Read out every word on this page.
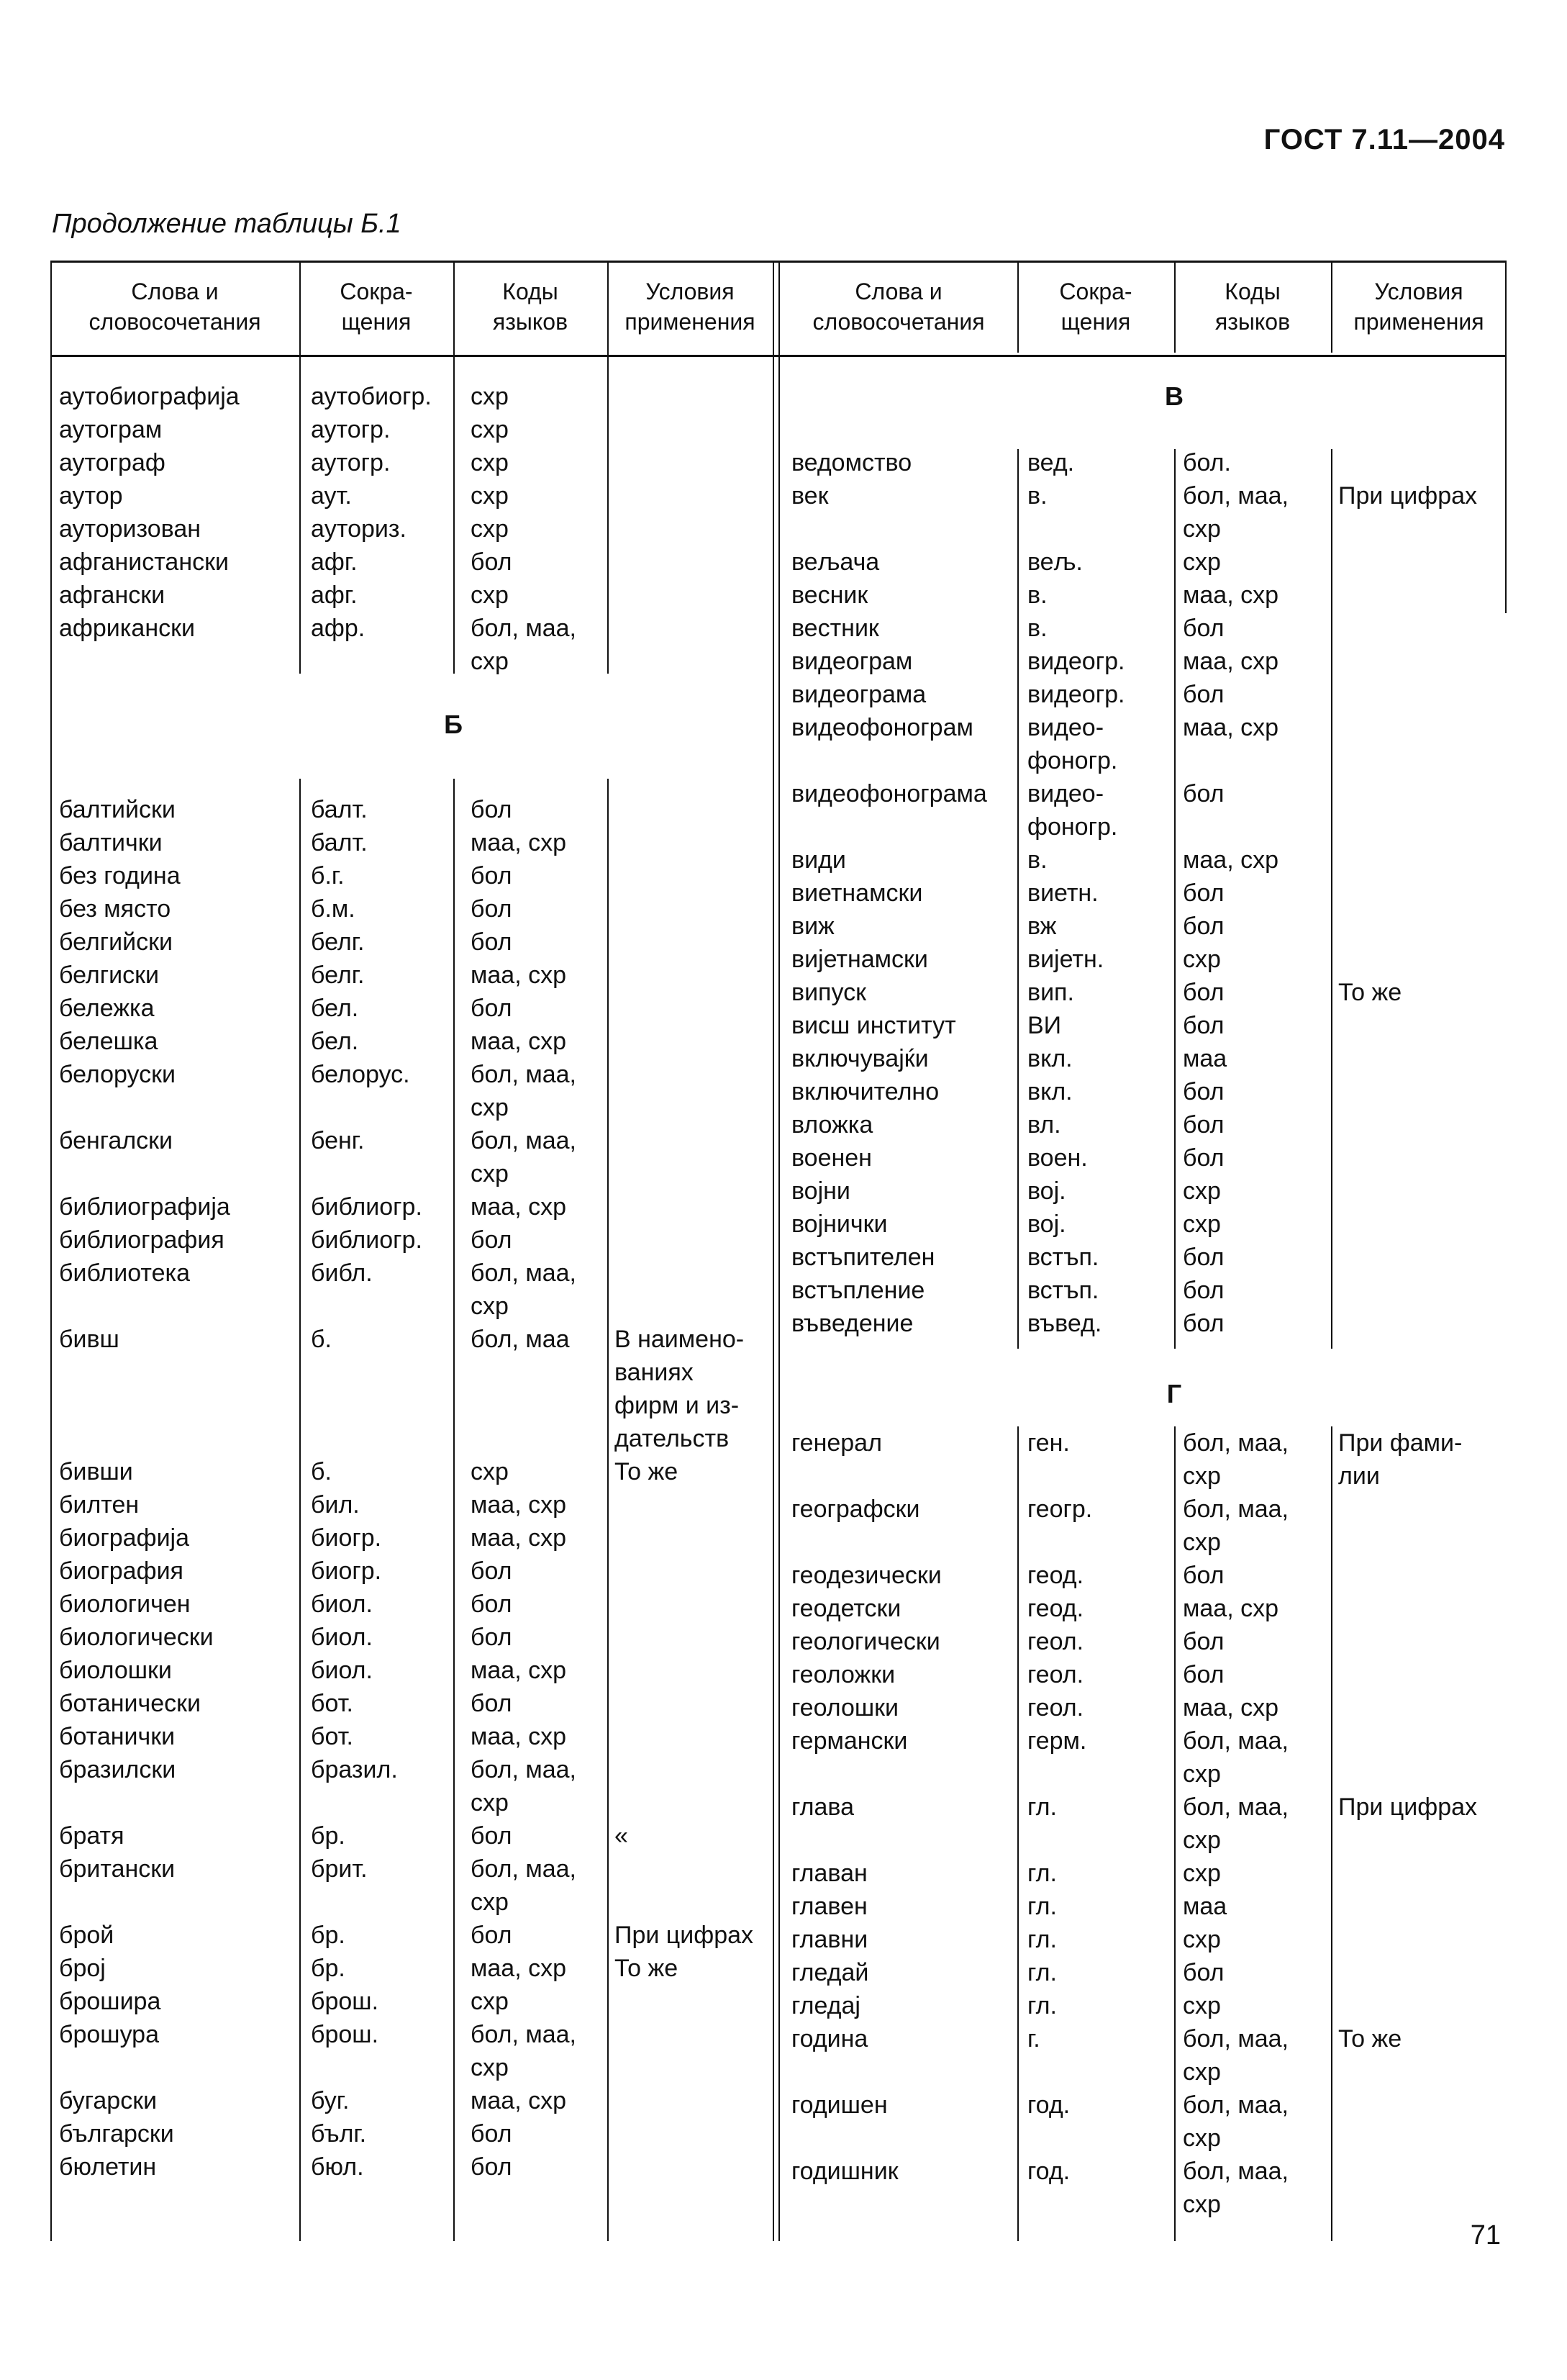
ГОСТ 7.11—2004
Продолжение таблицы Б.1
Слова и
словосочетания
Сокра-
щения
Коды
языков
Условия
применения
Слова и
словосочетания
Сокра-
щения
Коды
языков
Условия
применения
аутобиографија
аутограм
аутограф
аутор
ауторизован
афганистански
афгански
африкански
аутобиогр.
аутогр.
аутогр.
аут.
aуториз.
афг.
афг.
афр.
схр
схр
схр
схр
схр
бол
схр
бол, маа,
схр
Б
балтийски
балтички
без година
без място
белгийски
белгиски
бележка
белешка
белоруски

бенгалски

библиографија
библиография
библиотека

бивш

бивши
билтен
биографија
биография
биологичен
биологически
биолошки
ботанически
ботанички
бразилски

братя
британски

брой
број
брошира
брошура

бугарски
български
бюлетин
балт.
балт.
б.г.
б.м.
белг.
белг.
бел.
бел.
белорус.

бенг.

библиогр.
библиогр.
библ.

б.

б.
бил.
биогр.
биогр.
биол.
биол.
биол.
бот.
бот.
бразил.

бр.
брит.

бр.
бр.
брош.
брош.

буг.
бълг.
бюл.
бол
маа, схр
бол
бол
бол
маа, схр
бол
маа, схр
бол, маа,
схр
бол, маа,
схр
маа, схр
бол
бол, маа,
схр
бол, маа

схр
маа, схр
маа, схр
бол
бол
бол
маа, схр
бол
маа, схр
бол, маа,
схр
бол
бол, маа,
схр
бол
маа, схр
схр
бол, маа,
схр
маа, схр
бол
бол

В наимено-
ваниях
фирм и из-
дательств
То же

«

При цифрах
То же
В
ведомство
век

вељача
весник
вестник
видеограм
видеограма
видеофонограм

видеофонограма

види
виетнамски
виж
вијетнамски
випуск
висш институт
включувајќи
включително
вложка
военен
војни
војнички
встъпителен
встъпление
въведение
вед.
в.

вељ.
в.
в.
видеогр.
видеогр.
видео-
фоногр.
видео-
фоногр.
в.
виетн.
вж
вијетн.
вип.
ВИ
вкл.
вкл.
вл.
воен.
вој.
вој.
встъп.
встъп.
въвед.
бол.
бол, маа,
схр
схр
маа, схр
бол
маа, схр
бол
маа, схр

бол

маа, схр
бол
бол
схр
бол
бол
маа
бол
бол
бол
схр
схр
бол
бол
бол

При цифрах

То же
Г
генерал

географски

геодезически
геодетски
геологически
геоложки
геолошки
германски

глава

главан
главен
главни
гледай
гледај
година

годишен

годишник
ген.

геогр.

геод.
геод.
геол.
геол.
геол.
герм.

гл.

гл.
гл.
гл.
гл.
гл.
г.

год.

год.
бол, маа,
схр
бол, маа,
схр
бол
маа, схр
бол
бол
маа, схр
бол, маа,
схр
бол, маа,
схр
схр
маа
схр
бол
схр
бол, маа,
схр
бол, маа,
схр
бол, маа,
схр
При фами-
лии

При цифрах

То же
71
